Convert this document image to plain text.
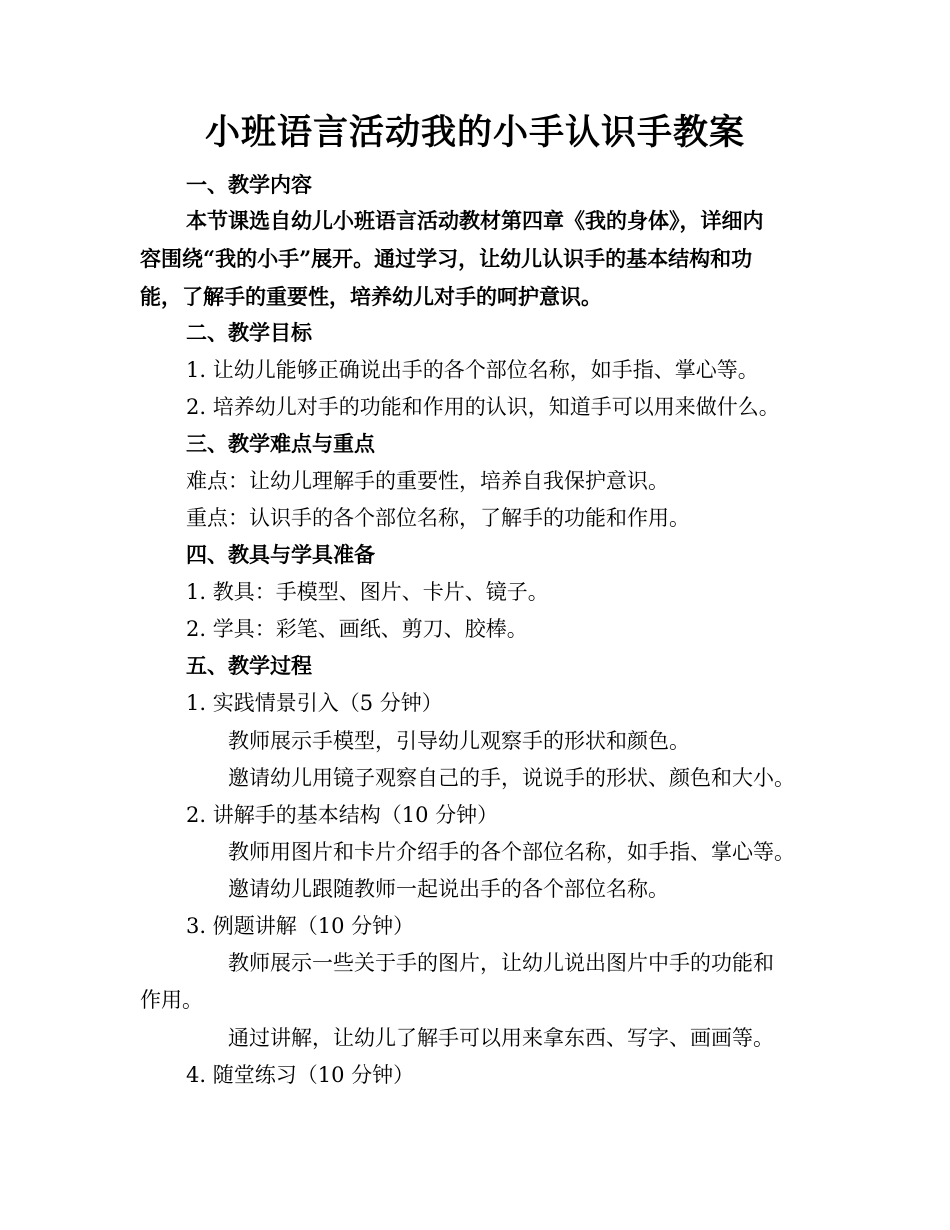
小班语言活动我的小手认识手教案
一、教学内容
本节课选自幼儿小班语言活动教材第四章《我的身体》，详细内
容围绕“我的小手”展开。通过学习，让幼儿认识手的基本结构和功
能，了解手的重要性，培养幼儿对手的呵护意识。
二、教学目标
1. 让幼儿能够正确说出手的各个部位名称，如手指、掌心等。
2. 培养幼儿对手的功能和作用的认识，知道手可以用来做什么。
三、教学难点与重点
难点：让幼儿理解手的重要性，培养自我保护意识。
重点：认识手的各个部位名称，了解手的功能和作用。
四、教具与学具准备
1. 教具：手模型、图片、卡片、镜子。
2. 学具：彩笔、画纸、剪刀、胶棒。
五、教学过程
1. 实践情景引入（5 分钟）
教师展示手模型，引导幼儿观察手的形状和颜色。
邀请幼儿用镜子观察自己的手，说说手的形状、颜色和大小。
2. 讲解手的基本结构（10 分钟）
教师用图片和卡片介绍手的各个部位名称，如手指、掌心等。
邀请幼儿跟随教师一起说出手的各个部位名称。
3. 例题讲解（10 分钟）
教师展示一些关于手的图片，让幼儿说出图片中手的功能和
作用。
通过讲解，让幼儿了解手可以用来拿东西、写字、画画等。
4. 随堂练习（10 分钟）
